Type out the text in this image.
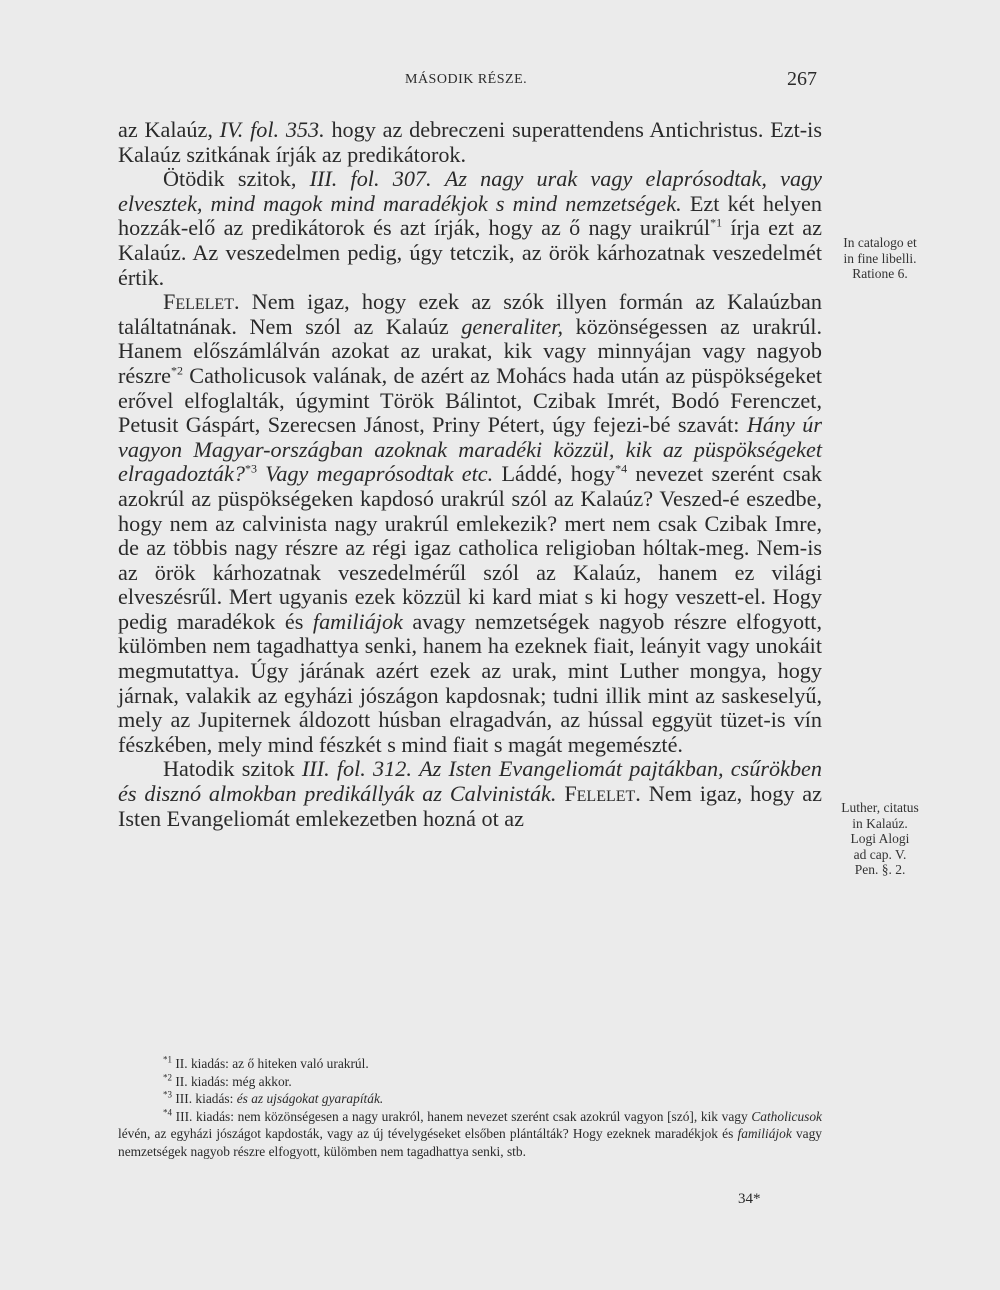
MÁSODIK RÉSZE.	267

az Kalaúz, IV. fol. 353. hogy az debreczeni superattendens Antichristus. Ezt-is Kalaúz szitkának írják az predikátorok.

Ötödik szitok, III. fol. 307. Az nagy urak vagy elaprósodtak, vagy elvesztek, mind magok mind maradékjok s mind nemzetségek. Ezt két helyen hozzák-elő az predikátorok és azt írják, hogy az ő nagy uraikrúl$^{*1}$ írja ezt az Kalaúz. Az veszedelmen pedig, úgy tetczik, az örök kárhozatnak veszedelmét értik.

Felelet. Nem igaz, hogy ezek az szók illyen formán az Kalaúzban találtatnának. Nem szól az Kalaúz generaliter, közönségessen az urakrúl. Hanem előszámlálván azokat az urakat, kik vagy minnyájan vagy nagyob részre$^{*2}$ Catholicusok valának, de azért az Mohács hada után az püspökségeket erővel elfoglalták, úgymint Török Bálintot, Czibak Imrét, Bodó Ferenczet, Petusit Gáspárt, Szerecsen Jánost, Priny Pétert, úgy fejezi-bé szavát: Hány úr vagyon Magyar-országban azoknak maradéki közzül, kik az püspökségeket elragadozták?$^{*3}$ Vagy megaprósodtak etc. Láddé, hogy$^{*4}$ nevezet szerént csak azokrúl az püspökségeken kapdosó urakrúl szól az Kalaúz? Veszed-é eszedbe, hogy nem az calvinista nagy urakrúl emlekezik? mert nem csak Czibak Imre, de az többis nagy részre az régi igaz catholica religioban hóltak-meg. Nem-is az örök kárhozatnak veszedelmérűl szól az Kalaúz, hanem ez világi elveszésrűl. Mert ugyanis ezek közzül ki kard miat s ki hogy veszett-el. Hogy pedig maradékok és familiájok avagy nemzetségek nagyob részre elfogyott, külömben nem tagadhattya senki, hanem ha ezeknek fiait, leányit vagy unokáit megmutattya. Úgy járának azért ezek az urak, mint Luther mongya, hogy járnak, valakik az egyházi jószágon kapdosnak; tudni illik mint az saskeselyű, mely az Jupiternek áldozott húsban elragadván, az hússal eggyüt tüzet-is vín fészkében, mely mind fészkét s mind fiait s magát megemészté.

Hatodik szitok III. fol. 312. Az Isten Evangeliomát pajtákban, csűrökben és disznó almokban predikállyák az Calvinisták. Felelet. Nem igaz, hogy az Isten Evangeliomát emlekezetben hozná ot az

In catalogo et
in fine libelli.
Ratione 6.
Luther, citatus
in Kalaúz.
Logi Alogi
ad cap. V.
Pen. §. 2.

$^{*1}$ II. kiadás: az ő hiteken való urakrúl.

$^{*2}$ II. kiadás: még akkor.

$^{*3}$ III. kiadás: és az ujságokat gyarapíták.

$^{*4}$ III. kiadás: nem közönségesen a nagy urakról, hanem nevezet szerént csak azokrúl vagyon [szó], kik vagy Catholicusok lévén, az egyházi jószágot kapdosták, vagy az új tévelygéseket elsőben plántálták? Hogy ezeknek maradékjok és familiájok vagy nemzetségek nagyob részre elfogyott, külömben nem tagadhattya senki, stb.

34*
